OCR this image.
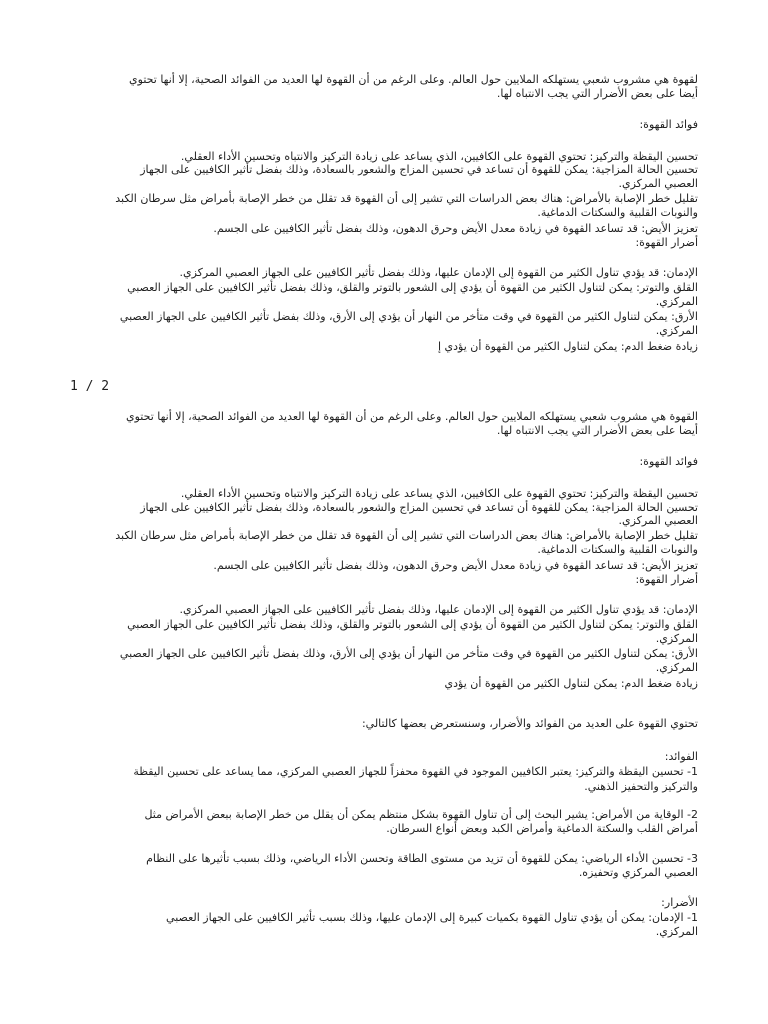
لقهوة هي مشروب شعبي يستهلكه الملايين حول العالم. وعلى الرغم من أن القهوة لها العديد من الفوائد الصحية، إلا أنها تحتوي
أيضا على بعض الأضرار التي يجب الانتباه لها.
فوائد القهوة:
تحسين اليقظة والتركيز: تحتوي القهوة على الكافيين، الذي يساعد على زيادة التركيز والانتباه وتحسين الأداء العقلي.
تحسين الحالة المزاجية: يمكن للقهوة أن تساعد في تحسين المزاج والشعور بالسعادة، وذلك بفضل تأثير الكافيين على الجهاز
العصبي المركزي.
تقليل خطر الإصابة بالأمراض: هناك بعض الدراسات التي تشير إلى أن القهوة قد تقلل من خطر الإصابة بأمراض مثل سرطان الكبد
والنوبات القلبية والسكتات الدماغية.
تعزيز الأيض: قد تساعد القهوة في زيادة معدل الأيض وحرق الدهون، وذلك بفضل تأثير الكافيين على الجسم.
أضرار القهوة:
الإدمان: قد يؤدي تناول الكثير من القهوة إلى الإدمان عليها، وذلك بفضل تأثير الكافيين على الجهاز العصبي المركزي.
القلق والتوتر: يمكن لتناول الكثير من القهوة أن يؤدي إلى الشعور بالتوتر والقلق، وذلك بفضل تأثير الكافيين على الجهاز العصبي
المركزي.
الأرق: يمكن لتناول الكثير من القهوة في وقت متأخر من النهار أن يؤدي إلى الأرق، وذلك بفضل تأثير الكافيين على الجهاز العصبي
المركزي.
زيادة ضغط الدم: يمكن لتناول الكثير من القهوة أن يؤدي إ
1 / 2
القهوة هي مشروب شعبي يستهلكه الملايين حول العالم. وعلى الرغم من أن القهوة لها العديد من الفوائد الصحية، إلا أنها تحتوي
أيضا على بعض الأضرار التي يجب الانتباه لها.
فوائد القهوة:
تحسين اليقظة والتركيز: تحتوي القهوة على الكافيين، الذي يساعد على زيادة التركيز والانتباه وتحسين الأداء العقلي.
تحسين الحالة المزاجية: يمكن للقهوة أن تساعد في تحسين المزاج والشعور بالسعادة، وذلك بفضل تأثير الكافيين على الجهاز
العصبي المركزي.
تقليل خطر الإصابة بالأمراض: هناك بعض الدراسات التي تشير إلى أن القهوة قد تقلل من خطر الإصابة بأمراض مثل سرطان الكبد
والنوبات القلبية والسكتات الدماغية.
تعزيز الأيض: قد تساعد القهوة في زيادة معدل الأيض وحرق الدهون، وذلك بفضل تأثير الكافيين على الجسم.
أضرار القهوة:
الإدمان: قد يؤدي تناول الكثير من القهوة إلى الإدمان عليها، وذلك بفضل تأثير الكافيين على الجهاز العصبي المركزي.
القلق والتوتر: يمكن لتناول الكثير من القهوة أن يؤدي إلى الشعور بالتوتر والقلق، وذلك بفضل تأثير الكافيين على الجهاز العصبي
المركزي.
الأرق: يمكن لتناول الكثير من القهوة في وقت متأخر من النهار أن يؤدي إلى الأرق، وذلك بفضل تأثير الكافيين على الجهاز العصبي
المركزي.
زيادة ضغط الدم: يمكن لتناول الكثير من القهوة أن يؤدي
تحتوي القهوة على العديد من الفوائد والأضرار، وسنستعرض بعضها كالتالي:
الفوائد:
1- تحسين اليقظة والتركيز: يعتبر الكافيين الموجود في القهوة محفزاً للجهاز العصبي المركزي، مما يساعد على تحسين اليقظة
والتركيز والتحفيز الذهني.
2- الوقاية من الأمراض: يشير البحث إلى أن تناول القهوة بشكل منتظم يمكن أن يقلل من خطر الإصابة ببعض الأمراض مثل
أمراض القلب والسكتة الدماغية وأمراض الكبد وبعض أنواع السرطان.
3- تحسين الأداء الرياضي: يمكن للقهوة أن تزيد من مستوى الطاقة وتحسن الأداء الرياضي، وذلك بسبب تأثيرها على النظام
العصبي المركزي وتحفيزه.
الأضرار:
1- الإدمان: يمكن أن يؤدي تناول القهوة بكميات كبيرة إلى الإدمان عليها، وذلك بسبب تأثير الكافيين على الجهاز العصبي
المركزي.
